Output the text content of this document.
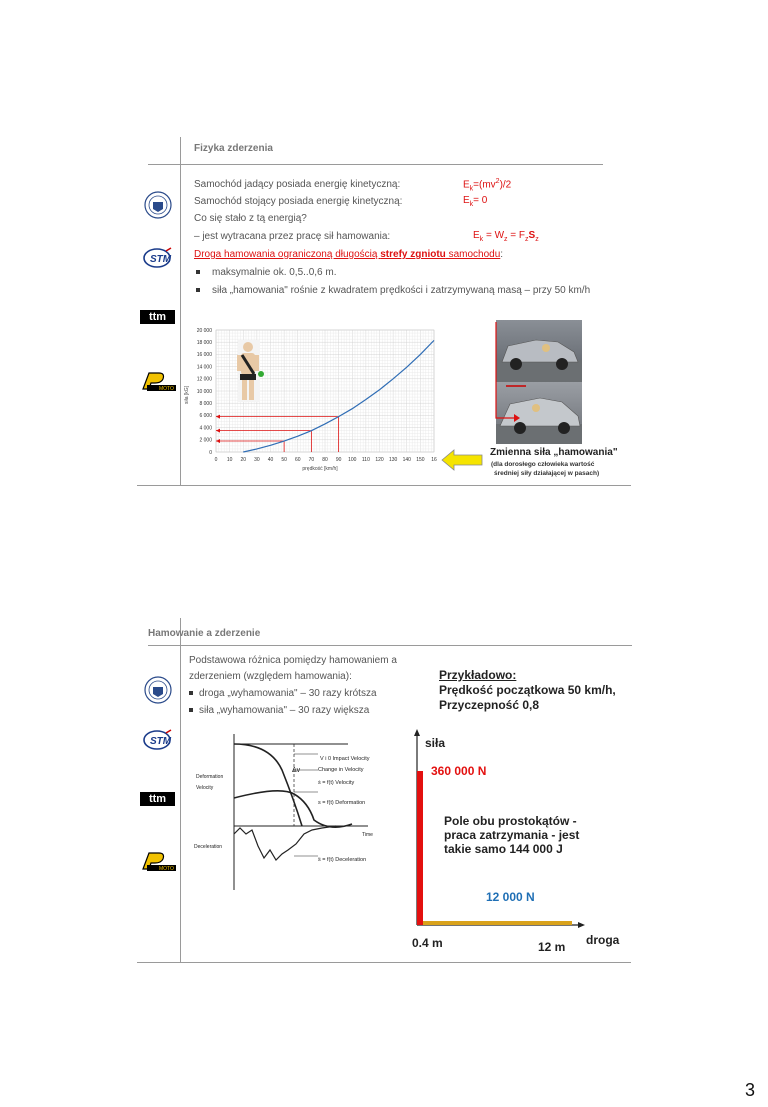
Fizyka zderzenia
STM
ttm
MOTO
Samochód jadący posiada energię kinetyczną:	$E_k=(mv^2)/2$
Samochód stojący posiada energię kinetyczną:	$E_k= 0$
Co się stało z tą energią?
– jest wytracana przez pracę sił hamowania:	$E_k = W_z = F_zS_z$
Droga hamowania ograniczoną długością strefy zgniotu samochodu:
maksymalnie ok. 0,5..0,6 m.
siła „hamowania" rośnie z kwadratem prędkości i zatrzymywaną masą – przy 50 km/h
0 10 20 30 40 50 60 70 80 90 100 110 120 130 140 150 16
0
2 000
4 000
6 000
8 000
10 000
12 000
14 000
16 000
18 000
20 000
siła [kG]
prędkość [km/h]
Zmienna siła „hamowania"
(dla dorosłego człowieka wartość
średniej siły działającej w pasach)
Hamowanie a zderzenie
STM
ttm
MOTO
Podstawowa różnica pomiędzy hamowaniem a
zderzeniem (względem hamowania):
droga „wyhamowania" – 30 razy krótsza
siła „wyhamowania" – 30 razy większa
V i 0 Impact Velocity
Δv	Change in Velocity
ṡ = f(t) Velocity
s = f(t) Deformation
Deformation
Velocity
Time
Deceleration
s̈ = f(t) Deceleration
Przykładowo:
Prędkość początkowa 50 km/h,
Przyczepność 0,8
siła
360 000 N
Pole obu prostokątów -
praca zatrzymania - jest
takie samo 144 000 J
12 000 N
0.4 m	12 m droga
3
